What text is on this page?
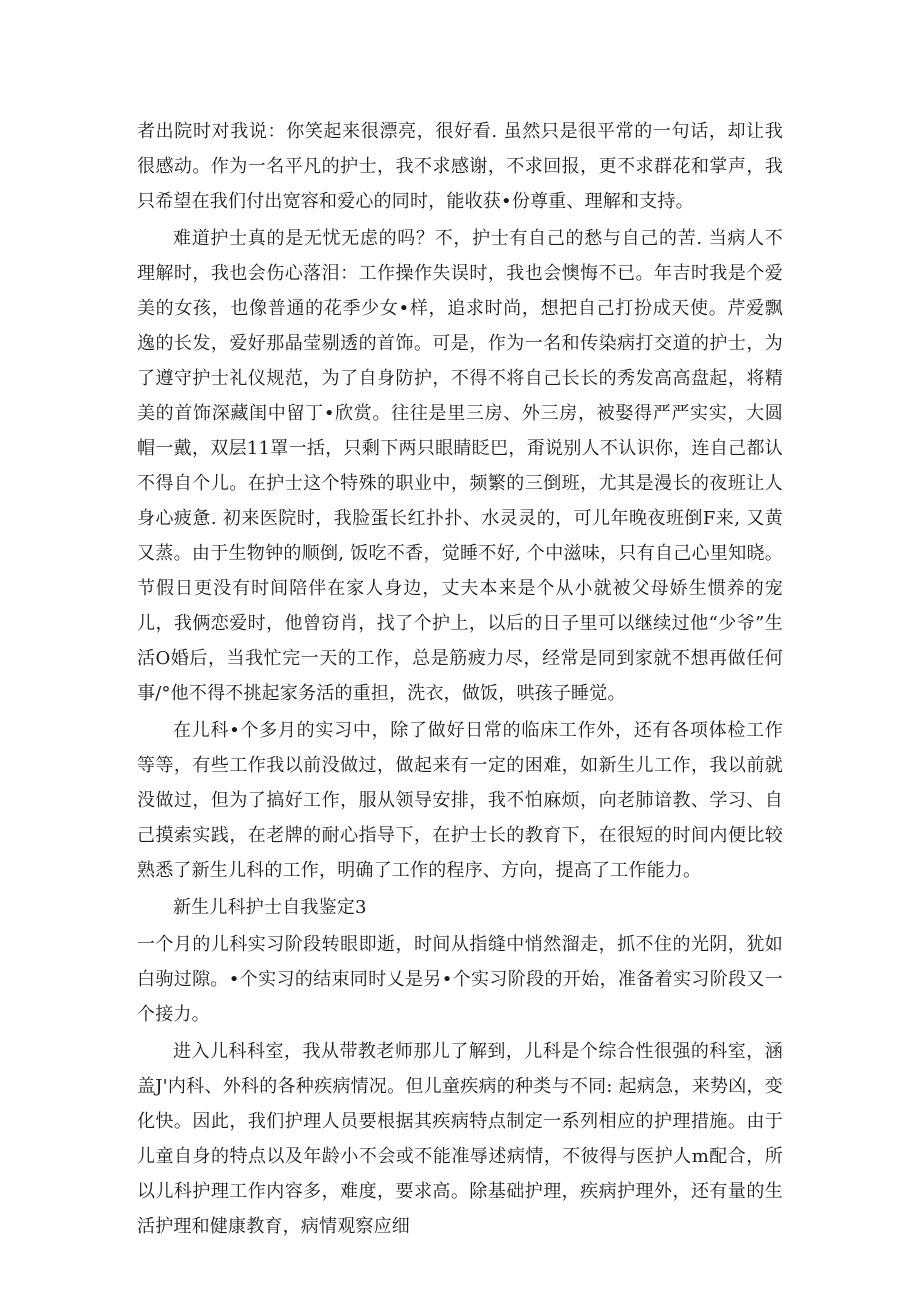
者出院时对我说：你笑起来很漂亮，很好看. 虽然只是很平常的一句话，却让我很感动。作为一名平凡的护士，我不求感谢，不求回报，更不求群花和掌声，我只希望在我们付出宽容和爱心的同时，能收获•份尊重、理解和支持。

难道护士真的是无忧无虑的吗？不，护士有自己的愁与自己的苦. 当病人不理解时，我也会伤心落泪：工作操作失误时，我也会懊悔不已。年吉时我是个爱美的女孩，也像普通的花季少女•样，追求时尚，想把自己打扮成天使。芹爱飘逸的长发，爱好那晶莹剔透的首饰。可是，作为一名和传染病打交道的护士，为了遵守护士礼仪规范，为了自身防护，不得不将自己长长的秀发高高盘起，将精美的首饰深藏闺中留丁•欣赏。往往是里三房、外三房，被娶得严严实实，大圆帽一戴，双层11罩一括，只剩下两只眼睛眨巴，甭说别人不认识你，连自己都认不得自个儿。在护士这个特殊的职业中，频繁的三倒班，尤其是漫长的夜班让人身心疲惫. 初来医院时，我脸蛋长红扑扑、水灵灵的，可儿年晚夜班倒F来, 又黄又蒸。由于生物钟的顺倒, 饭吃不香，觉睡不好, 个中滋味，只有自己心里知晓。节假日更没有时间陪伴在家人身边，丈夫本来是个从小就被父母娇生惯养的宠儿，我俩恋爱时，他曾窃肖，找了个护上，以后的日子里可以继续过他“少爷”生活O婚后，当我忙完一天的工作，总是筋疲力尽，经常是同到家就不想再做任何事/°他不得不挑起家务活的重担，洗衣，做饭，哄孩子睡觉。

在儿科•个多月的实习中，除了做好日常的临床工作外，还有各项体检工作等等，有些工作我以前没做过，做起来有一定的困难，如新生儿工作，我以前就没做过，但为了搞好工作，服从领导安排，我不怕麻烦，向老肺谙教、学习、自己摸索实践，在老牌的耐心指导下，在护士长的教育下，在很短的时间内便比较熟悉了新生儿科的工作，明确了工作的程序、方向，提高了工作能力。

新生儿科护士自我鉴定3

一个月的儿科实习阶段转眼即逝，时间从指缝中悄然溜走，抓不住的光阴，犹如白驹过隙。•个实习的结束同时乂是另•个实习阶段的开始，准备着实习阶段又一个接力。

进入儿科科室，我从带教老师那儿了解到，儿科是个综合性很强的科室，涵盖J'内科、外科的各种疾病情况。但儿童疾病的种类与不同: 起病急，来势凶，变化快。因此，我们护理人员要根据其疾病特点制定一系列相应的护理措施。由于儿童自身的特点以及年龄小不会或不能准辱述病情，不彼得与医护人m配合，所以儿科护理工作内容多，难度，要求高。除基础护理，疾病护理外，还有量的生活护理和健康教育，病情观察应细
